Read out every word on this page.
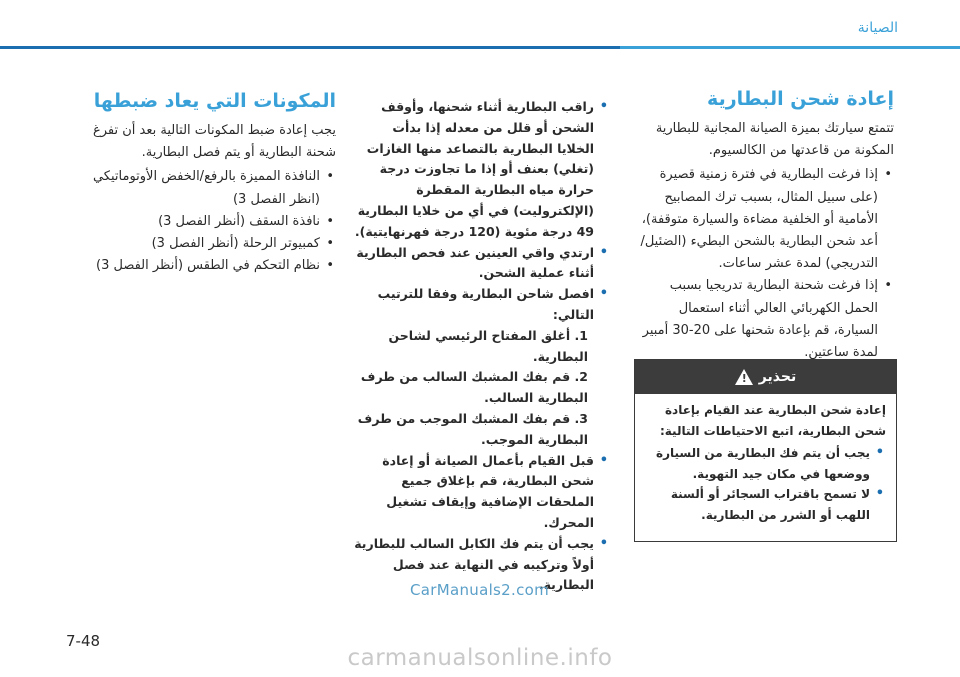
الصيانة
إعادة شحن البطارية

تتمتع سيارتك بميزة الصيانة المجانية للبطارية المكونة من قاعدتها من الكالسيوم.

• إذا فرغت البطارية في فترة زمنية قصيرة (على سبيل المثال، بسبب ترك المصابيح الأمامية أو الخلفية مضاءة والسيارة متوقفة)، أعد شحن البطارية بالشحن البطيء (الضئيل/ التدريجي) لمدة عشر ساعات.
• إذا فرغت شحنة البطارية تدريجيا بسبب الحمل الكهربائي العالي أثناء استعمال السيارة، قم بإعادة شحنها على 20-30 أمبير لمدة ساعتين.
تحذير
!

إعادة شحن البطارية عند القيام بإعادة شحن البطارية، اتبع الاحتياطات التالية:

• يجب أن يتم فك البطارية من السيارة ووضعها في مكان جيد التهوية.
• لا تسمح باقتراب السجائر أو ألسنة اللهب أو الشرر من البطارية.
• راقب البطارية أثناء شحنها، وأوقف الشحن أو قلل من معدله إذا بدأت الخلايا البطارية بالتصاعد منها الغازات (تغلي) بعنف أو إذا ما تجاوزت درجة حرارة مياه البطارية المقطرة (الإلكتروليت) في أي من خلايا البطارية 49 درجة مئوية (120 درجة فهرنهايتية).
• ارتدي واقي العينين عند فحص البطارية أثناء عملية الشحن.
• افصل شاحن البطارية وفقا للترتيب التالي:
1. أغلق المفتاح الرئيسي لشاحن البطارية.
2. قم بفك المشبك السالب من طرف البطارية السالب.
3. قم بفك المشبك الموجب من طرف البطارية الموجب.
• قبل القيام بأعمال الصيانة أو إعادة شحن البطارية، قم بإغلاق جميع الملحقات الإضافية وإيقاف تشغيل المحرك.
• يجب أن يتم فك الكابل السالب للبطارية أولاً وتركيبه في النهاية عند فصل البطارية.
المكونات التي يعاد ضبطها

يجب إعادة ضبط المكونات التالية بعد أن تفرغ شحنة البطارية أو يتم فصل البطارية.

• النافذة المميزة بالرفع/الخفض الأوتوماتيكي (انظر الفصل 3)
• نافذة السقف (أنظر الفصل 3)
• كمبيوتر الرحلة (أنظر الفصل 3)
• نظام التحكم في الطقس (أنظر الفصل 3)
CarManuals2.com
7-48
carmanualsonline.info
